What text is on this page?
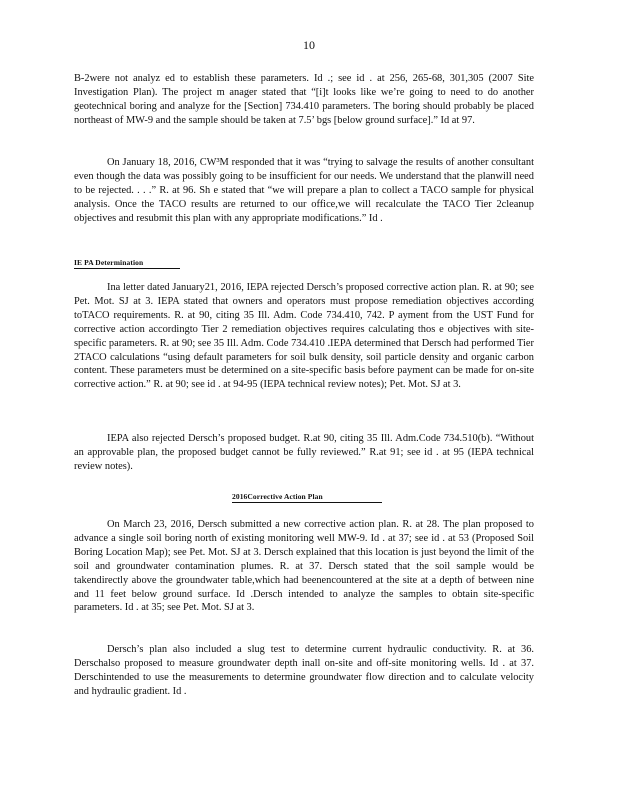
10

B-2were not analyz ed to establish these parameters. Id .; see id . at 256, 265-68, 301,305 (2007 Site Investigation Plan). The project m anager stated that “[i]t looks like we’re going to need to do another geotechnical boring and analyze for the [Section] 734.410 parameters. The boring should probably be placed northeast of MW-9 and the sample should be taken at 7.5’ bgs [below ground surface].” Id at 97.

On January 18, 2016, CW³M responded that it was “trying to salvage the results of another consultant even though the data was possibly going to be insufficient for our needs. We understand that the planwill need to be rejected. . . .” R. at 96. Sh e stated that “we will prepare a plan to collect a TACO sample for physical analysis. Once the TACO results are returned to our office,we will recalculate the TACO Tier 2cleanup objectives and resubmit this plan with any appropriate modifications.” Id .

IE PA Determination

Ina letter dated January21, 2016, IEPA rejected Dersch’s proposed corrective action plan. R. at 90; see Pet. Mot. SJ at 3. IEPA stated that owners and operators must propose remediation objectives according toTACO requirements. R. at 90, citing 35 Ill. Adm. Code 734.410, 742. P ayment from the UST Fund for corrective action accordingto Tier 2 remediation objectives requires calculating thos e objectives with site-specific parameters. R. at 90; see 35 Ill. Adm. Code 734.410 .IEPA determined that Dersch had performed Tier 2TACO calculations “using default parameters for soil bulk density, soil particle density and organic carbon content. These parameters must be determined on a site-specific basis before payment can be made for on-site corrective action.” R. at 90; see id . at 94-95 (IEPA technical review notes); Pet. Mot. SJ at 3.

IEPA also rejected Dersch’s proposed budget. R.at 90, citing 35 Ill. Adm.Code 734.510(b). “Without an approvable plan, the proposed budget cannot be fully reviewed.” R.at 91; see id . at 95 (IEPA technical review notes).

2016Corrective Action Plan

On March 23, 2016, Dersch submitted a new corrective action plan. R. at 28. The plan proposed to advance a single soil boring north of existing monitoring well MW-9. Id . at 37; see id . at 53 (Proposed Soil Boring Location Map); see Pet. Mot. SJ at 3. Dersch explained that this location is just beyond the limit of the soil and groundwater contamination plumes. R. at 37. Dersch stated that the soil sample would be takendirectly above the groundwater table,which had beenencountered at the site at a depth of between nine and 11 feet below ground surface. Id .Dersch intended to analyze the samples to obtain site-specific parameters. Id . at 35; see Pet. Mot. SJ at 3.

Dersch’s plan also included a slug test to determine current hydraulic conductivity. R. at 36. Derschalso proposed to measure groundwater depth inall on-site and off-site monitoring wells. Id . at 37. Derschintended to use the measurements to determine groundwater flow direction and to calculate velocity and hydraulic gradient. Id .
